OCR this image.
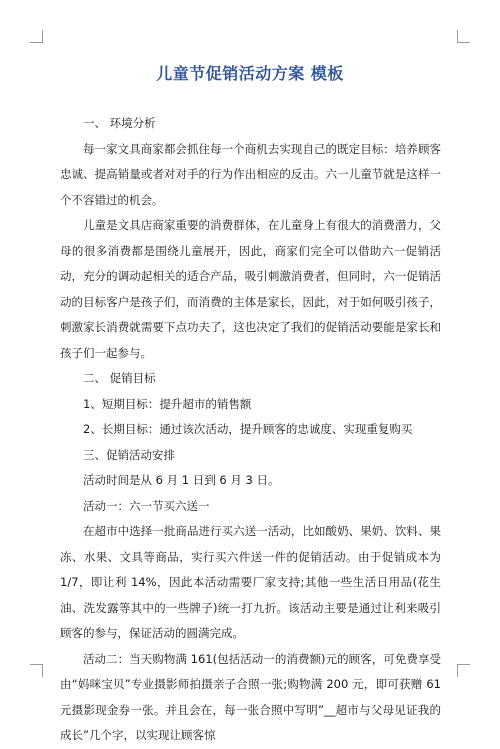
儿童节促销活动方案 模板

一、 环境分析

每一家文具商家都会抓住每一个商机去实现自己的既定目标：培养顾客忠诚、提高销量或者对对手的行为作出相应的反击。六一儿童节就是这样一个不容错过的机会。

儿童是文具店商家重要的消费群体，在儿童身上有很大的消费潜力，父母的很多消费都是围绕儿童展开，因此，商家们完全可以借助六一促销活动，充分的调动起相关的适合产品，吸引刺激消费者，但同时，六一促销活动的目标客户是孩子们，而消费的主体是家长，因此，对于如何吸引孩子，刺激家长消费就需要下点功夫了，这也决定了我们的促销活动要能是家长和孩子们一起参与。

二、 促销目标

1、短期目标：提升超市的销售额

2、长期目标：通过该次活动，提升顾客的忠诚度、实现重复购买

三、促销活动安排

活动时间是从 6 月 1 日到 6 月 3 日。

活动一：六一节买六送一

在超市中选择一批商品进行买六送一活动，比如酸奶、果奶、饮料、果冻、水果、文具等商品，实行买六件送一件的促销活动。由于促销成本为 1/7，即让利 14%，因此本活动需要厂家支持;其他一些生活日用品(花生油、洗发露等其中的一些牌子)统一打九折。该活动主要是通过让利来吸引顾客的参与，保证活动的圆满完成。

活动二：当天购物满 161(包括活动一的消费额)元的顾客，可免费享受由“妈咪宝贝”专业摄影师拍摄亲子合照一张;购物满 200 元，即可获赠 61 元摄影现金券一张。并且会在，每一张合照中写明”__超市与父母见证我的成长”几个字，以实现让顾客惊
